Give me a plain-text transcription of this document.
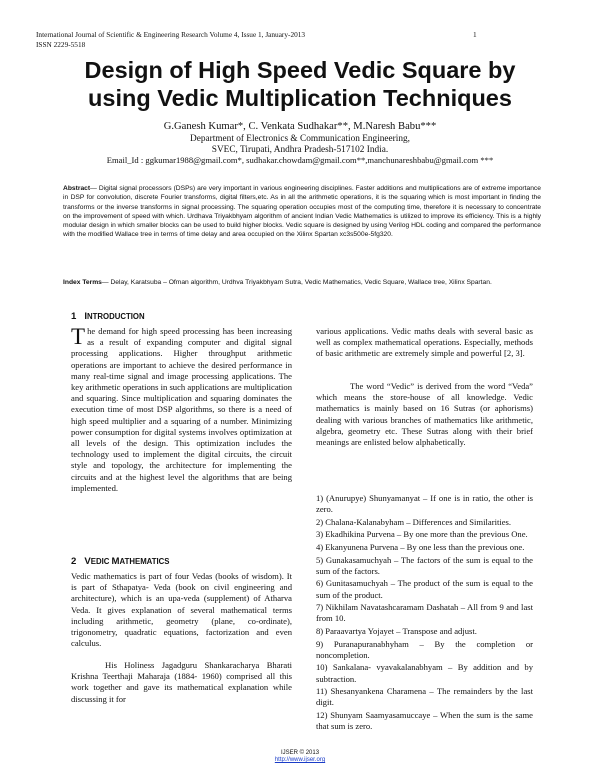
International Journal of Scientific & Engineering Research Volume 4, Issue 1, January-2013
ISSN 2229-5518
1
Design of High Speed Vedic Square by
using Vedic Multiplication Techniques
G.Ganesh Kumar*, C. Venkata Sudhakar**, M.Naresh Babu***
Department of Electronics & Communication Engineering,
SVEC, Tirupati, Andhra Pradesh-517102 India.
Email_Id : ggkumar1988@gmail.com*, sudhakar.chowdam@gmail.com**,manchunareshbabu@gmail.com ***
Abstract— Digital signal processors (DSPs) are very important in various engineering disciplines. Faster additions and multiplications are of extreme importance in DSP for convolution, discrete Fourier transforms, digital filters,etc. As in all the arithmetic operations, it is the squaring which is most important in finding the transforms or the inverse transforms in signal processing. The squaring operation occupies most of the computing time, therefore it is necessary to concentrate on the improvement of speed with which. Urdhava Triyakbhyam algorithm of ancient Indian Vedic Mathematics is utilized to improve its efficiency. This is a highly modular design in which smaller blocks can be used to build higher blocks. Vedic square is designed by using Verilog HDL coding and compared the performance with the modified Wallace tree in terms of time delay and area occupied on the Xilinx Spartan xc3s500e-5fg320.
Index Terms— Delay, Karatsuba – Ofman algorithm, Urdhva Triyakbhyam Sutra, Vedic Mathematics, Vedic Square, Wallace tree, Xilinx Spartan.
1 INTRODUCTION
The demand for high speed processing has been increasing as a result of expanding computer and digital signal processing applications. Higher throughput arithmetic operations are important to achieve the desired performance in many real-time signal and image processing applications. The key arithmetic operations in such applications are multiplication and squaring. Since multiplication and squaring dominates the execution time of most DSP algorithms, so there is a need of high speed multiplier and a squaring of a number. Minimizing power consumption for digital systems involves optimization at all levels of the design. This optimization includes the technology used to implement the digital circuits, the circuit style and topology, the architecture for implementing the circuits and at the highest level the algorithms that are being implemented.
2 VEDIC MATHEMATICS
Vedic mathematics is part of four Vedas (books of wisdom). It is part of Sthapatya- Veda (book on civil engineering and architecture), which is an upa-veda (supplement) of Atharva Veda. It gives explanation of several mathematical terms including arithmetic, geometry (plane, co-ordinate), trigonometry, quadratic equations, factorization and even calculus.
His Holiness Jagadguru Shankaracharya Bharati Krishna Teerthaji Maharaja (1884- 1960) comprised all this work together and gave its mathematical explanation while discussing it for
various applications. Vedic maths deals with several basic as well as complex mathematical operations. Especially, methods of basic arithmetic are extremely simple and powerful [2, 3].
The word “Vedic” is derived from the word “Veda” which means the store-house of all knowledge. Vedic mathematics is mainly based on 16 Sutras (or aphorisms) dealing with various branches of mathematics like arithmetic, algebra, geometry etc. These Sutras along with their brief meanings are enlisted below alphabetically.
1) (Anurupye) Shunyamanyat – If one is in ratio, the other is zero.
2) Chalana-Kalanabyham – Differences and Similarities.
3) Ekadhikina Purvena – By one more than the previous One.
4) Ekanyunena Purvena – By one less than the previous one.
5) Gunakasamuchyah – The factors of the sum is equal to the sum of the factors.
6) Gunitasamuchyah – The product of the sum is equal to the sum of the product.
7) Nikhilam Navatashcaramam Dashatah – All from 9 and last from 10.
8) Paraavartya Yojayet – Transpose and adjust.
9) Puranapuranabhyham – By the completion or noncompletion.
10) Sankalana- vyavakalanabhyam – By addition and by subtraction.
11) Shesanyankena Charamena – The remainders by the last digit.
12) Shunyam Saamyasamuccaye – When the sum is the same that sum is zero.
IJSER © 2013
http://www.ijser.org
